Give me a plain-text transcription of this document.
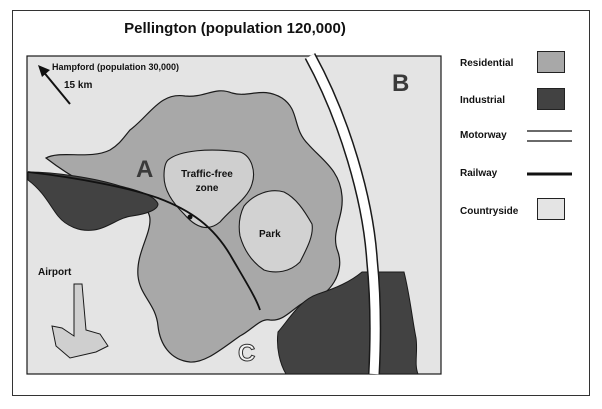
Pellington (population 120,000)
Hampford (population 30,000)
15 km
A
B
C
Traffic-free zone
Park
Airport
Residential
Industrial
Motorway
Railway
Countryside
